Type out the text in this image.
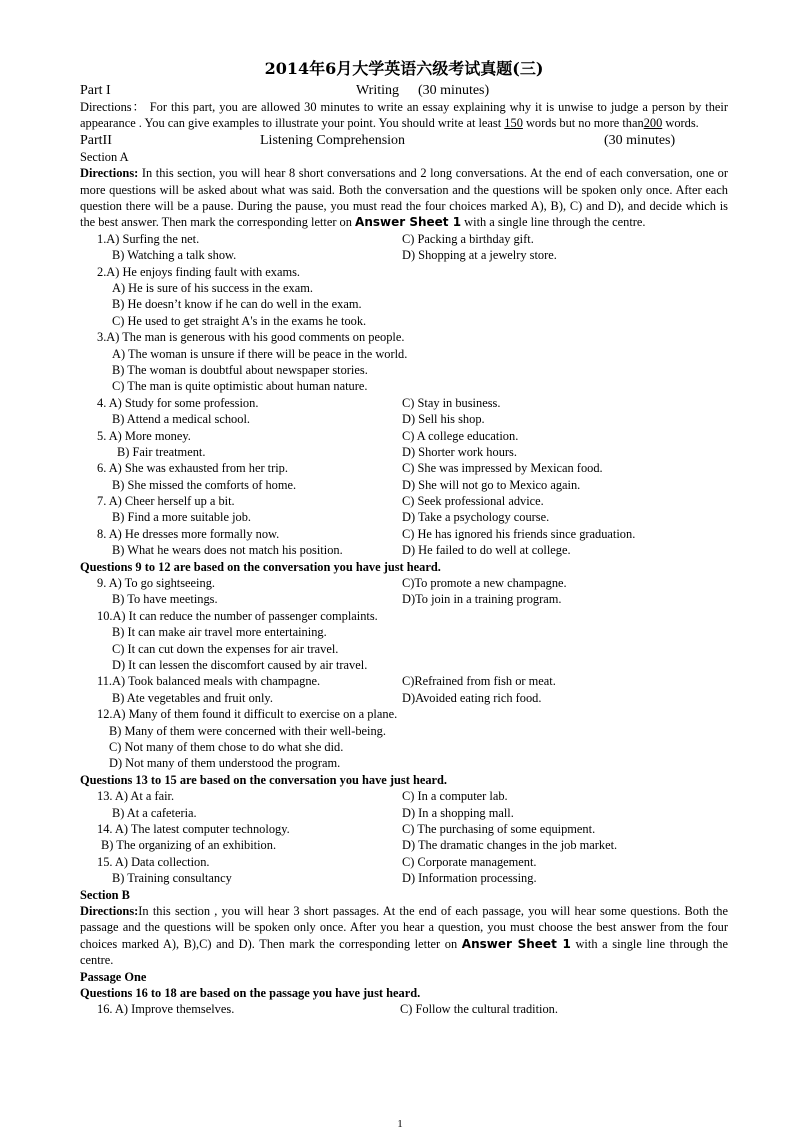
2014年6月大学英语六级考试真题(三)
Part I	Writing (30 minutes)

Directions： For this part, you are allowed 30 minutes to write an essay explaining why it is unwise to judge a person by their appearance . You can give examples to illustrate your point. You should write at least 150 words but no more than200 words.

PartII	Listening Comprehension	(30 minutes)

Section A

Directions: In this section, you will hear 8 short conversations and 2 long conversations. At the end of each conversation, one or more questions will be asked about what was said. Both the conversation and the questions will be spoken only once. After each question there will be a pause. During the pause, you must read the four choices marked A), B), C) and D), and decide which is the best answer. Then mark the corresponding letter on Answer Sheet 1 with a single line through the centre.

1.A) Surfing the net.	C) Packing a birthday gift.
B) Watching a talk show.	D) Shopping at a jewelry store.
2.A) He enjoys finding fault with exams.
A) He is sure of his success in the exam.
B) He doesn’t know if he can do well in the exam.
C) He used to get straight A's in the exams he took.
3.A) The man is generous with his good comments on people.
A) The woman is unsure if there will be peace in the world.
B) The woman is doubtful about newspaper stories.
C) The man is quite optimistic about human nature.
4. A) Study for some profession.	C) Stay in business.
B) Attend a medical school.	D) Sell his shop.
5. A) More money.	C) A college education.
B) Fair treatment.	D) Shorter work hours.
6. A) She was exhausted from her trip.	C) She was impressed by Mexican food.
B) She missed the comforts of home.	D) She will not go to Mexico again.
7. A) Cheer herself up a bit.	C) Seek professional advice.
B) Find a more suitable job.	D) Take a psychology course.
8. A) He dresses more formally now.	C) He has ignored his friends since graduation.
B) What he wears does not match his position.	D) He failed to do well at college.

Questions 9 to 12 are based on the conversation you have just heard.

9. A) To go sightseeing.	C)To promote a new champagne.
B) To have meetings.	D)To join in a training program.
10.A) It can reduce the number of passenger complaints.
B) It can make air travel more entertaining.
C) It can cut down the expenses for air travel.
D) It can lessen the discomfort caused by air travel.
11.A) Took balanced meals with champagne.	C)Refrained from fish or meat.
B) Ate vegetables and fruit only.	D)Avoided eating rich food.
12.A) Many of them found it difficult to exercise on a plane.
B) Many of them were concerned with their well-being.
C) Not many of them chose to do what she did.
D) Not many of them understood the program.

Questions 13 to 15 are based on the conversation you have just heard.

13. A) At a fair.	C) In a computer lab.
B) At a cafeteria.	D) In a shopping mall.
14. A) The latest computer technology.	C) The purchasing of some equipment.
B) The organizing of an exhibition.	D) The dramatic changes in the job market.
15. A) Data collection.	C) Corporate management.
B) Training consultancy	D) Information processing.

Section B

Directions:In this section , you will hear 3 short passages. At the end of each passage, you will hear some questions. Both the passage and the questions will be spoken only once. After you hear a question, you must choose the best answer from the four choices marked A), B),C) and D). Then mark the corresponding letter on Answer Sheet 1 with a single line through the centre.

Passage One

Questions 16 to 18 are based on the passage you have just heard.

16. A) Improve themselves.	C) Follow the cultural tradition.
1
